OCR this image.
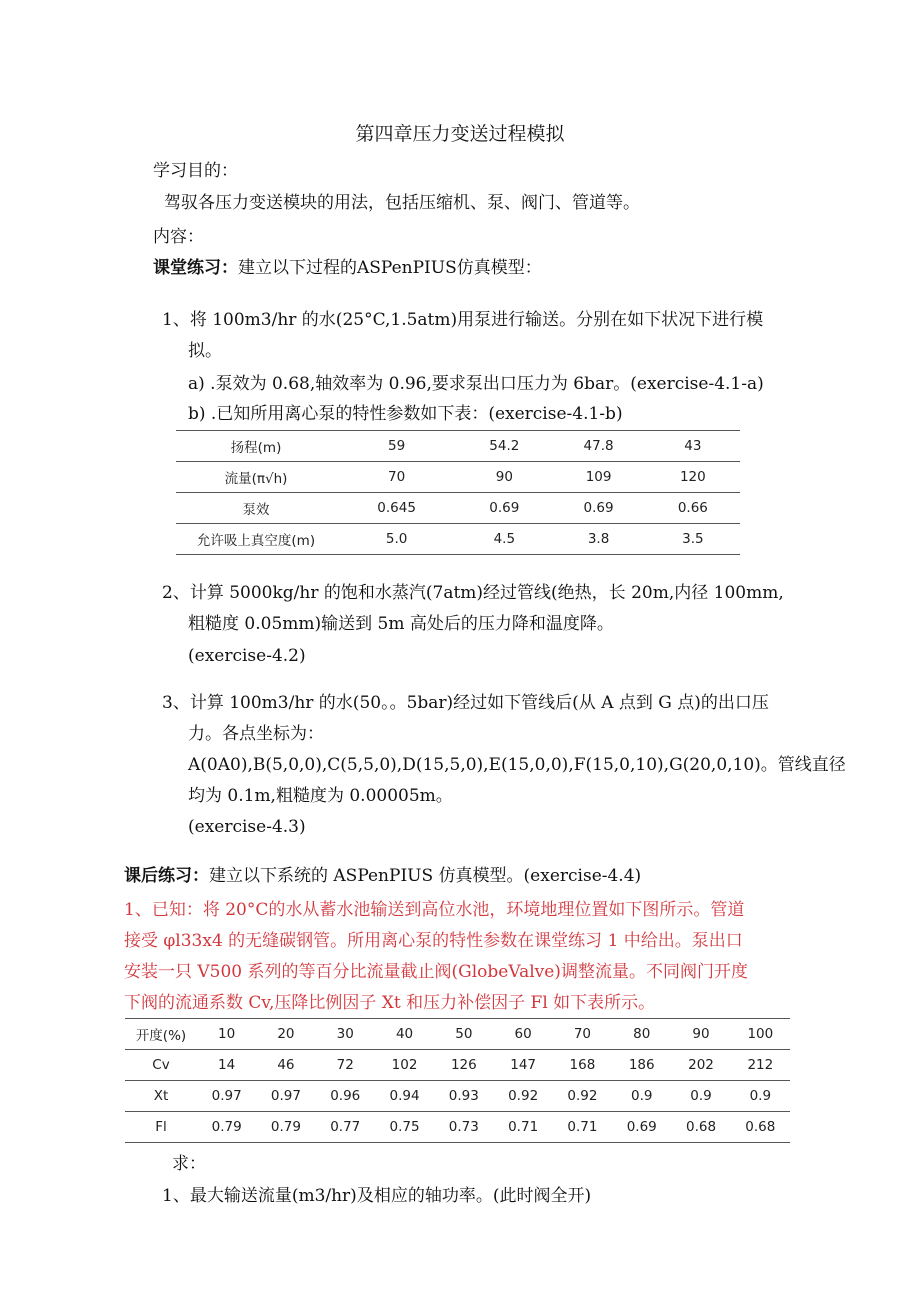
第四章压力变送过程模拟
学习目的：
驾驭各压力变送模块的用法，包括压缩机、泵、阀门、管道等。
内容：
课堂练习：建立以下过程的ASPenPIUS仿真模型：
1、将 100m3/hr 的水(25°C,1.5atm)用泵进行输送。分别在如下状况下进行模
拟。
a) .泵效为 0.68,轴效率为 0.96,要求泵出口压力为 6bar。(exercise-4.1-a)
b) .已知所用离心泵的特性参数如下表：(exercise-4.1-b)
扬程(m)	59	54.2	47.8	43
流量(π√h)	70	90	109	120
泵效	0.645	0.69	0.69	0.66
允许吸上真空度(m)	5.0	4.5	3.8	3.5
2、计算 5000kg/hr 的饱和水蒸汽(7atm)经过管线(绝热，长 20m,内径 100mm,
粗糙度 0.05mm)输送到 5m 高处后的压力降和温度降。
(exercise-4.2)
3、计算 100m3/hr 的水(50。。5bar)经过如下管线后(从 A 点到 G 点)的出口压
力。各点坐标为：
A(0A0),B(5,0,0),C(5,5,0),D(15,5,0),E(15,0,0),F(15,0,10),G(20,0,10)。管线直径
均为 0.1m,粗糙度为 0.00005m。
(exercise-4.3)
课后练习：建立以下系统的 ASPenPIUS 仿真模型。(exercise-4.4)
1、已知：将 20°C的水从蓄水池输送到高位水池，环境地理位置如下图所示。管道
接受 φl33x4 的无缝碳钢管。所用离心泵的特性参数在课堂练习 1 中给出。泵出口
安装一只 V500 系列的等百分比流量截止阀(GlobeValve)调整流量。不同阀门开度
下阀的流通系数 Cv,压降比例因子 Xt 和压力补偿因子 Fl 如下表所示。
开度(%)	10	20	30	40	50	60	70	80	90	100
Cv	14	46	72	102	126	147	168	186	202	212
Xt	0.97	0.97	0.96	0.94	0.93	0.92	0.92	0.9	0.9	0.9
Fl	0.79	0.79	0.77	0.75	0.73	0.71	0.71	0.69	0.68	0.68
求：
1、最大输送流量(m3/hr)及相应的轴功率。(此时阀全开)
